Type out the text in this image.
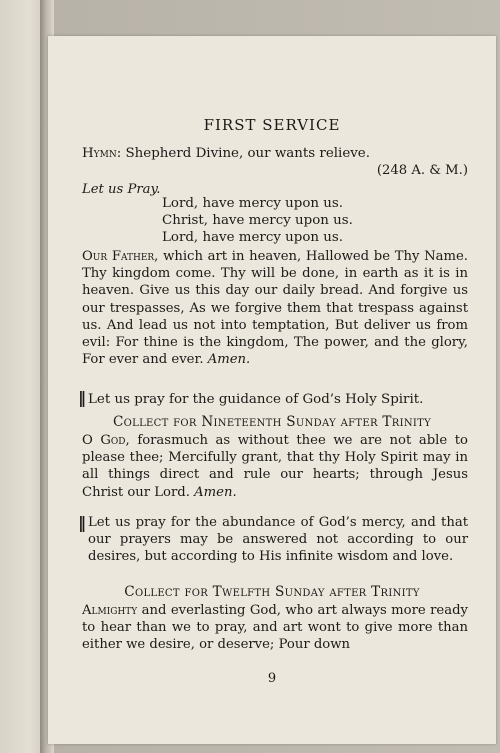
FIRST SERVICE
Hymn: Shepherd Divine, our wants relieve.
(248 A. & M.)
Let us Pray.
Lord, have mercy upon us.
Christ, have mercy upon us.
Lord, have mercy upon us.
Our Father, which art in heaven, Hallowed be Thy Name. Thy kingdom come. Thy will be done, in earth as it is in heaven. Give us this day our daily bread. And forgive us our trespasses, As we forgive them that trespass against us. And lead us not into temptation, But deliver us from evil: For thine is the kingdom, The power, and the glory, For ever and ever. Amen.
‖ Let us pray for the guidance of God’s Holy Spirit.
Collect for Nineteenth Sunday after Trinity
O God, forasmuch as without thee we are not able to please thee; Mercifully grant, that thy Holy Spirit may in all things direct and rule our hearts; through Jesus Christ our Lord. Amen.
‖ Let us pray for the abundance of God’s mercy, and that our prayers may be answered not according to our desires, but according to His infinite wisdom and love.
Collect for Twelfth Sunday after Trinity
Almighty and everlasting God, who art always more ready to hear than we to pray, and art wont to give more than either we desire, or deserve; Pour down
9
